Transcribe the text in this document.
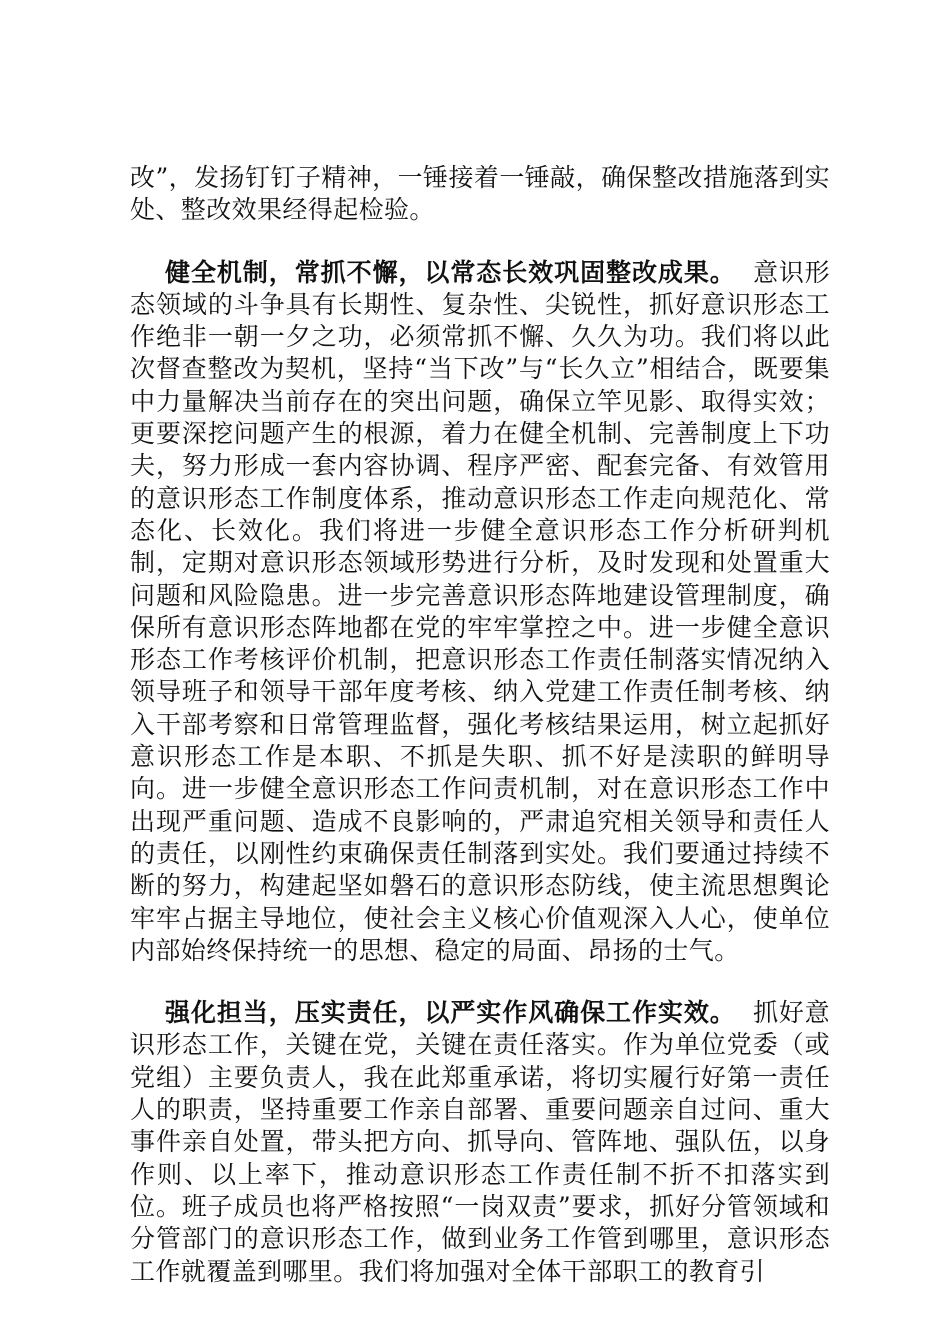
改”，发扬钉钉子精神，一锤接着一锤敲，确保整改措施落到实处、整改效果经得起检验。

健全机制，常抓不懈，以常态长效巩固整改成果。 意识形态领域的斗争具有长期性、复杂性、尖锐性，抓好意识形态工作绝非一朝一夕之功，必须常抓不懈、久久为功。我们将以此次督查整改为契机，坚持“当下改”与“长久立”相结合，既要集中力量解决当前存在的突出问题，确保立竿见影、取得实效；更要深挖问题产生的根源，着力在健全机制、完善制度上下功夫，努力形成一套内容协调、程序严密、配套完备、有效管用的意识形态工作制度体系，推动意识形态工作走向规范化、常态化、长效化。我们将进一步健全意识形态工作分析研判机制，定期对意识形态领域形势进行分析，及时发现和处置重大问题和风险隐患。进一步完善意识形态阵地建设管理制度，确保所有意识形态阵地都在党的牢牢掌控之中。进一步健全意识形态工作考核评价机制，把意识形态工作责任制落实情况纳入领导班子和领导干部年度考核、纳入党建工作责任制考核、纳入干部考察和日常管理监督，强化考核结果运用，树立起抓好意识形态工作是本职、不抓是失职、抓不好是渎职的鲜明导向。进一步健全意识形态工作问责机制，对在意识形态工作中出现严重问题、造成不良影响的，严肃追究相关领导和责任人的责任，以刚性约束确保责任制落到实处。我们要通过持续不断的努力，构建起坚如磐石的意识形态防线，使主流思想舆论牢牢占据主导地位，使社会主义核心价值观深入人心，使单位内部始终保持统一的思想、稳定的局面、昂扬的士气。

强化担当，压实责任，以严实作风确保工作实效。 抓好意识形态工作，关键在党，关键在责任落实。作为单位党委（或党组）主要负责人，我在此郑重承诺，将切实履行好第一责任人的职责，坚持重要工作亲自部署、重要问题亲自过问、重大事件亲自处置，带头把方向、抓导向、管阵地、强队伍，以身作则、以上率下，推动意识形态工作责任制不折不扣落实到位。班子成员也将严格按照“一岗双责”要求，抓好分管领域和分管部门的意识形态工作，做到业务工作管到哪里，意识形态工作就覆盖到哪里。我们将加强对全体干部职工的教育引
